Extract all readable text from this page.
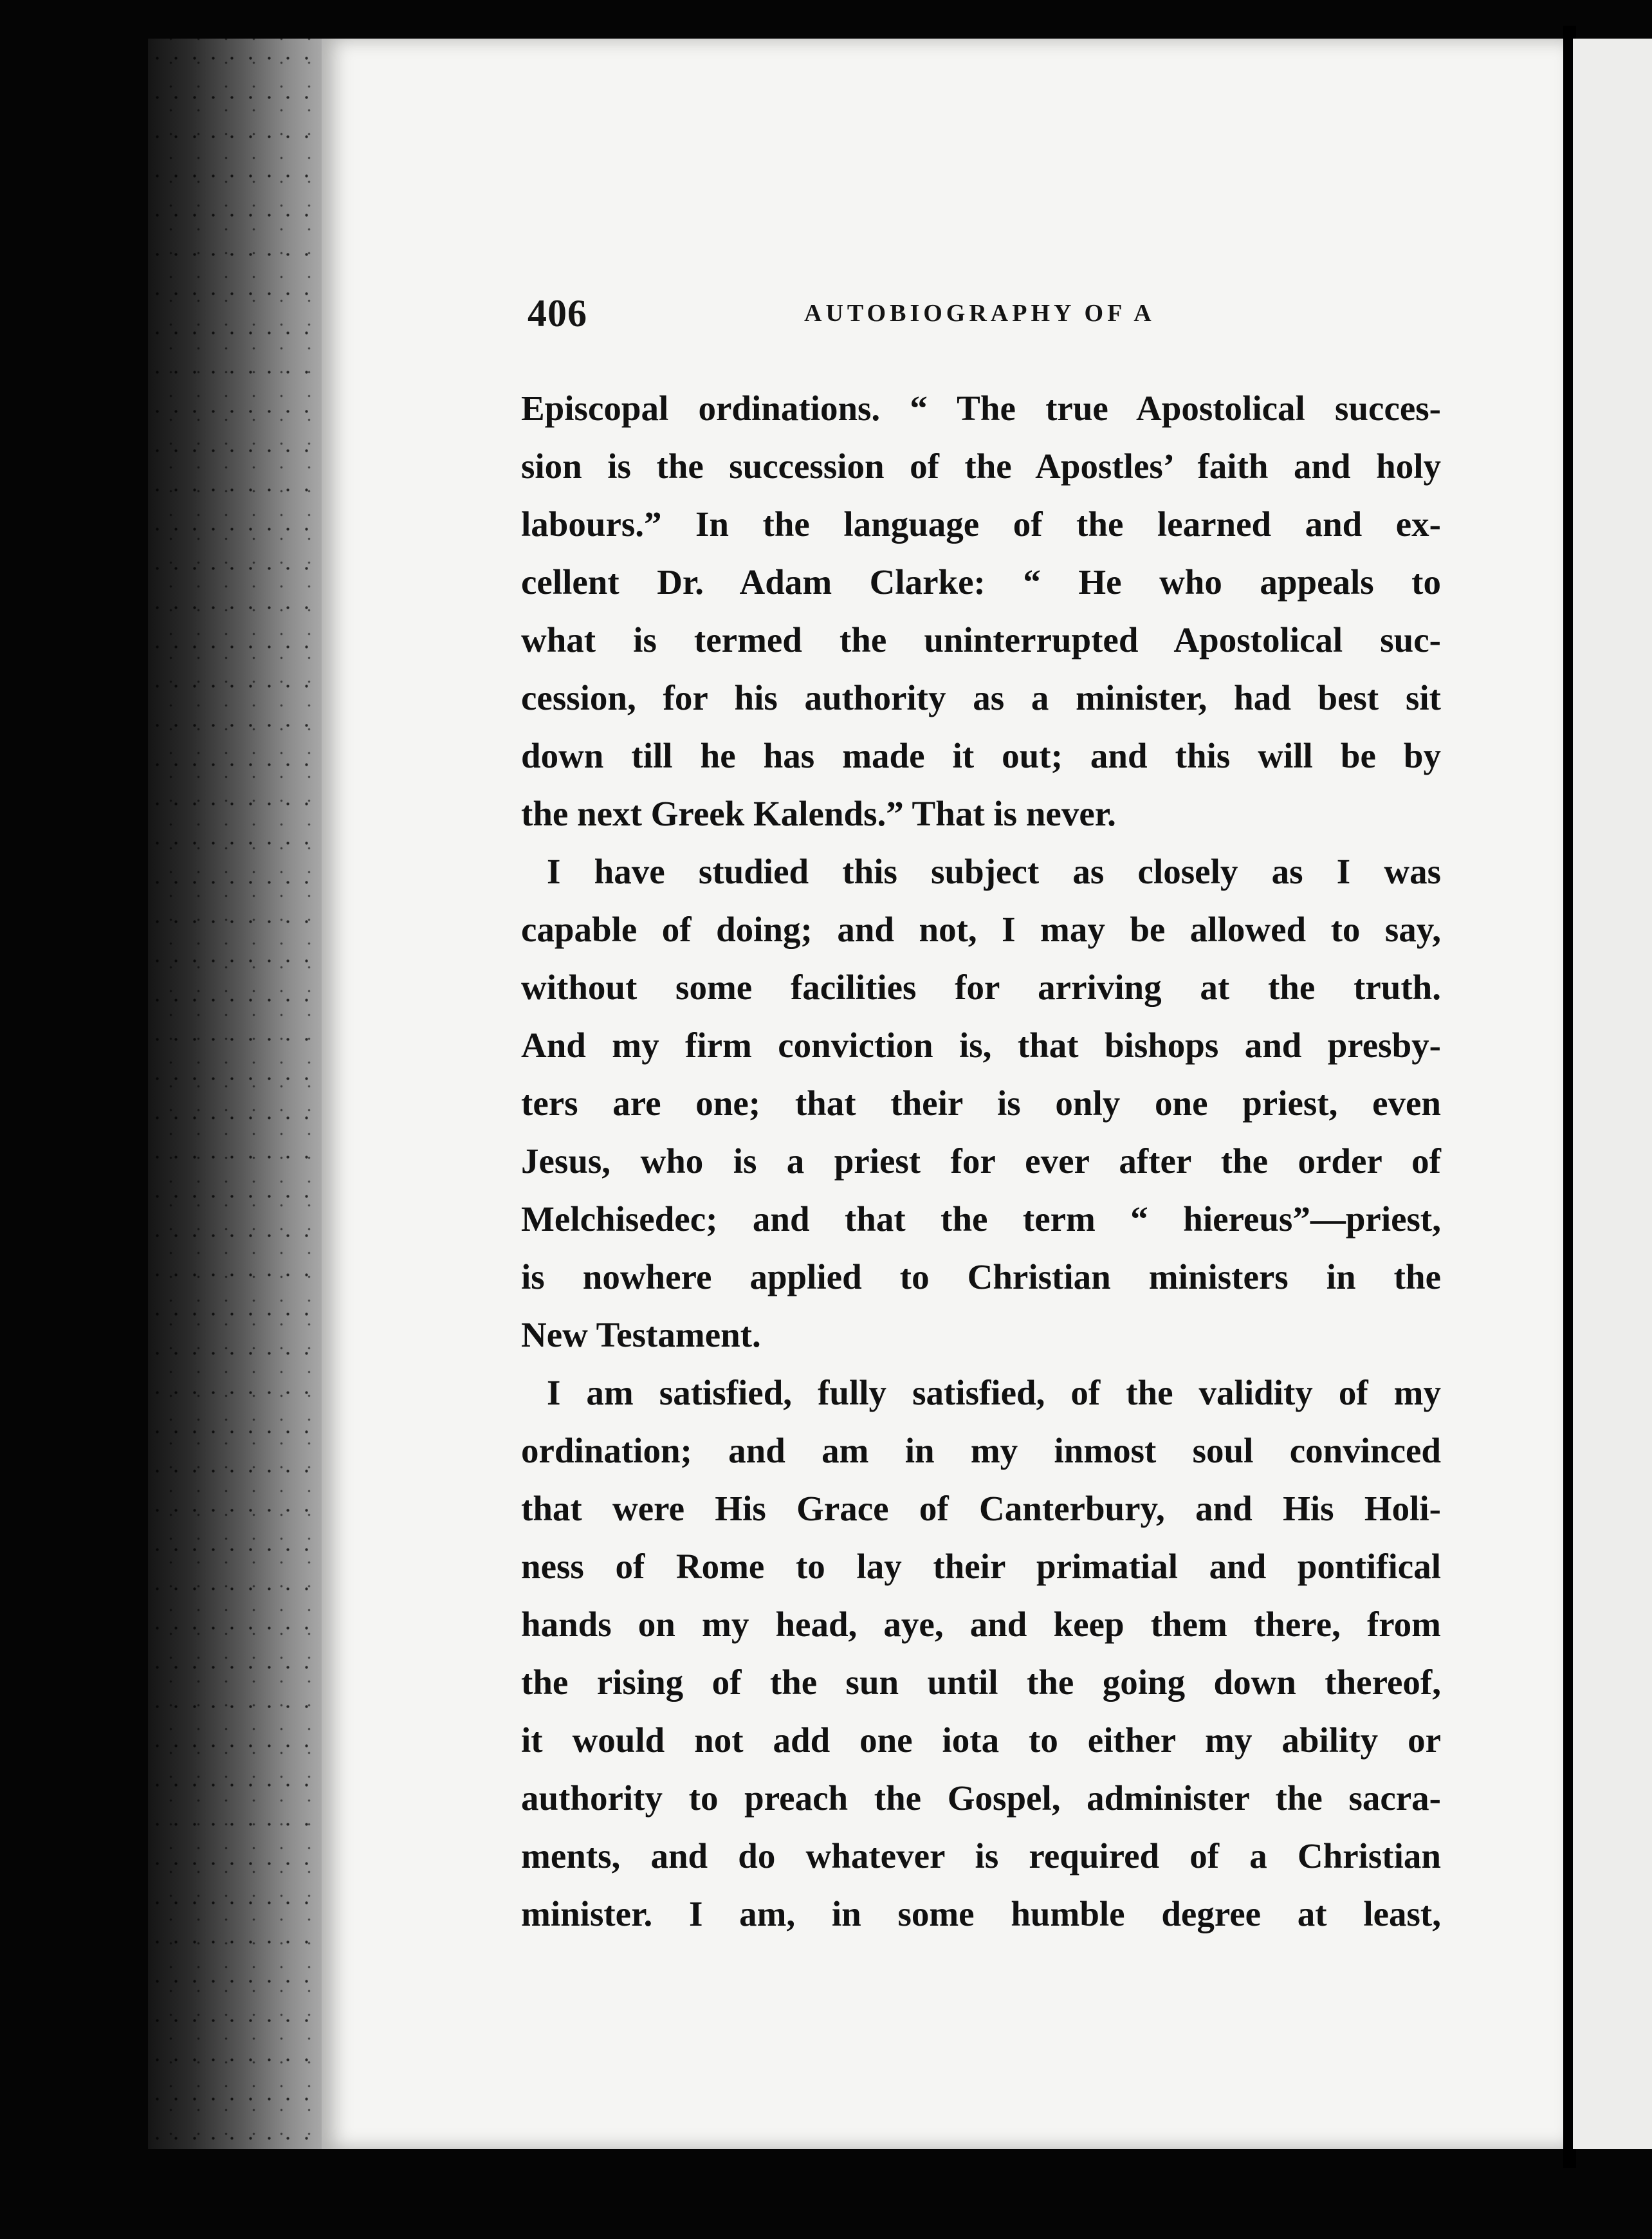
406	AUTOBIOGRAPHY OF A
Episcopal ordinations. “ The true Apostolical succes-
sion is the succession of the Apostles’ faith and holy
labours.” In the language of the learned and ex-
cellent Dr. Adam Clarke: “ He who appeals to
what is termed the uninterrupted Apostolical suc-
cession, for his authority as a minister, had best sit
down till he has made it out; and this will be by
the next Greek Kalends.” That is never.
I have studied this subject as closely as I was
capable of doing; and not, I may be allowed to say,
without some facilities for arriving at the truth.
And my firm conviction is, that bishops and presby-
ters are one; that their is only one priest, even
Jesus, who is a priest for ever after the order of
Melchisedec; and that the term “ hiereus”—priest,
is nowhere applied to Christian ministers in the
New Testament.
I am satisfied, fully satisfied, of the validity of my
ordination; and am in my inmost soul convinced
that were His Grace of Canterbury, and His Holi-
ness of Rome to lay their primatial and pontifical
hands on my head, aye, and keep them there, from
the rising of the sun until the going down thereof,
it would not add one iota to either my ability or
authority to preach the Gospel, administer the sacra-
ments, and do whatever is required of a Christian
minister. I am, in some humble degree at least,
